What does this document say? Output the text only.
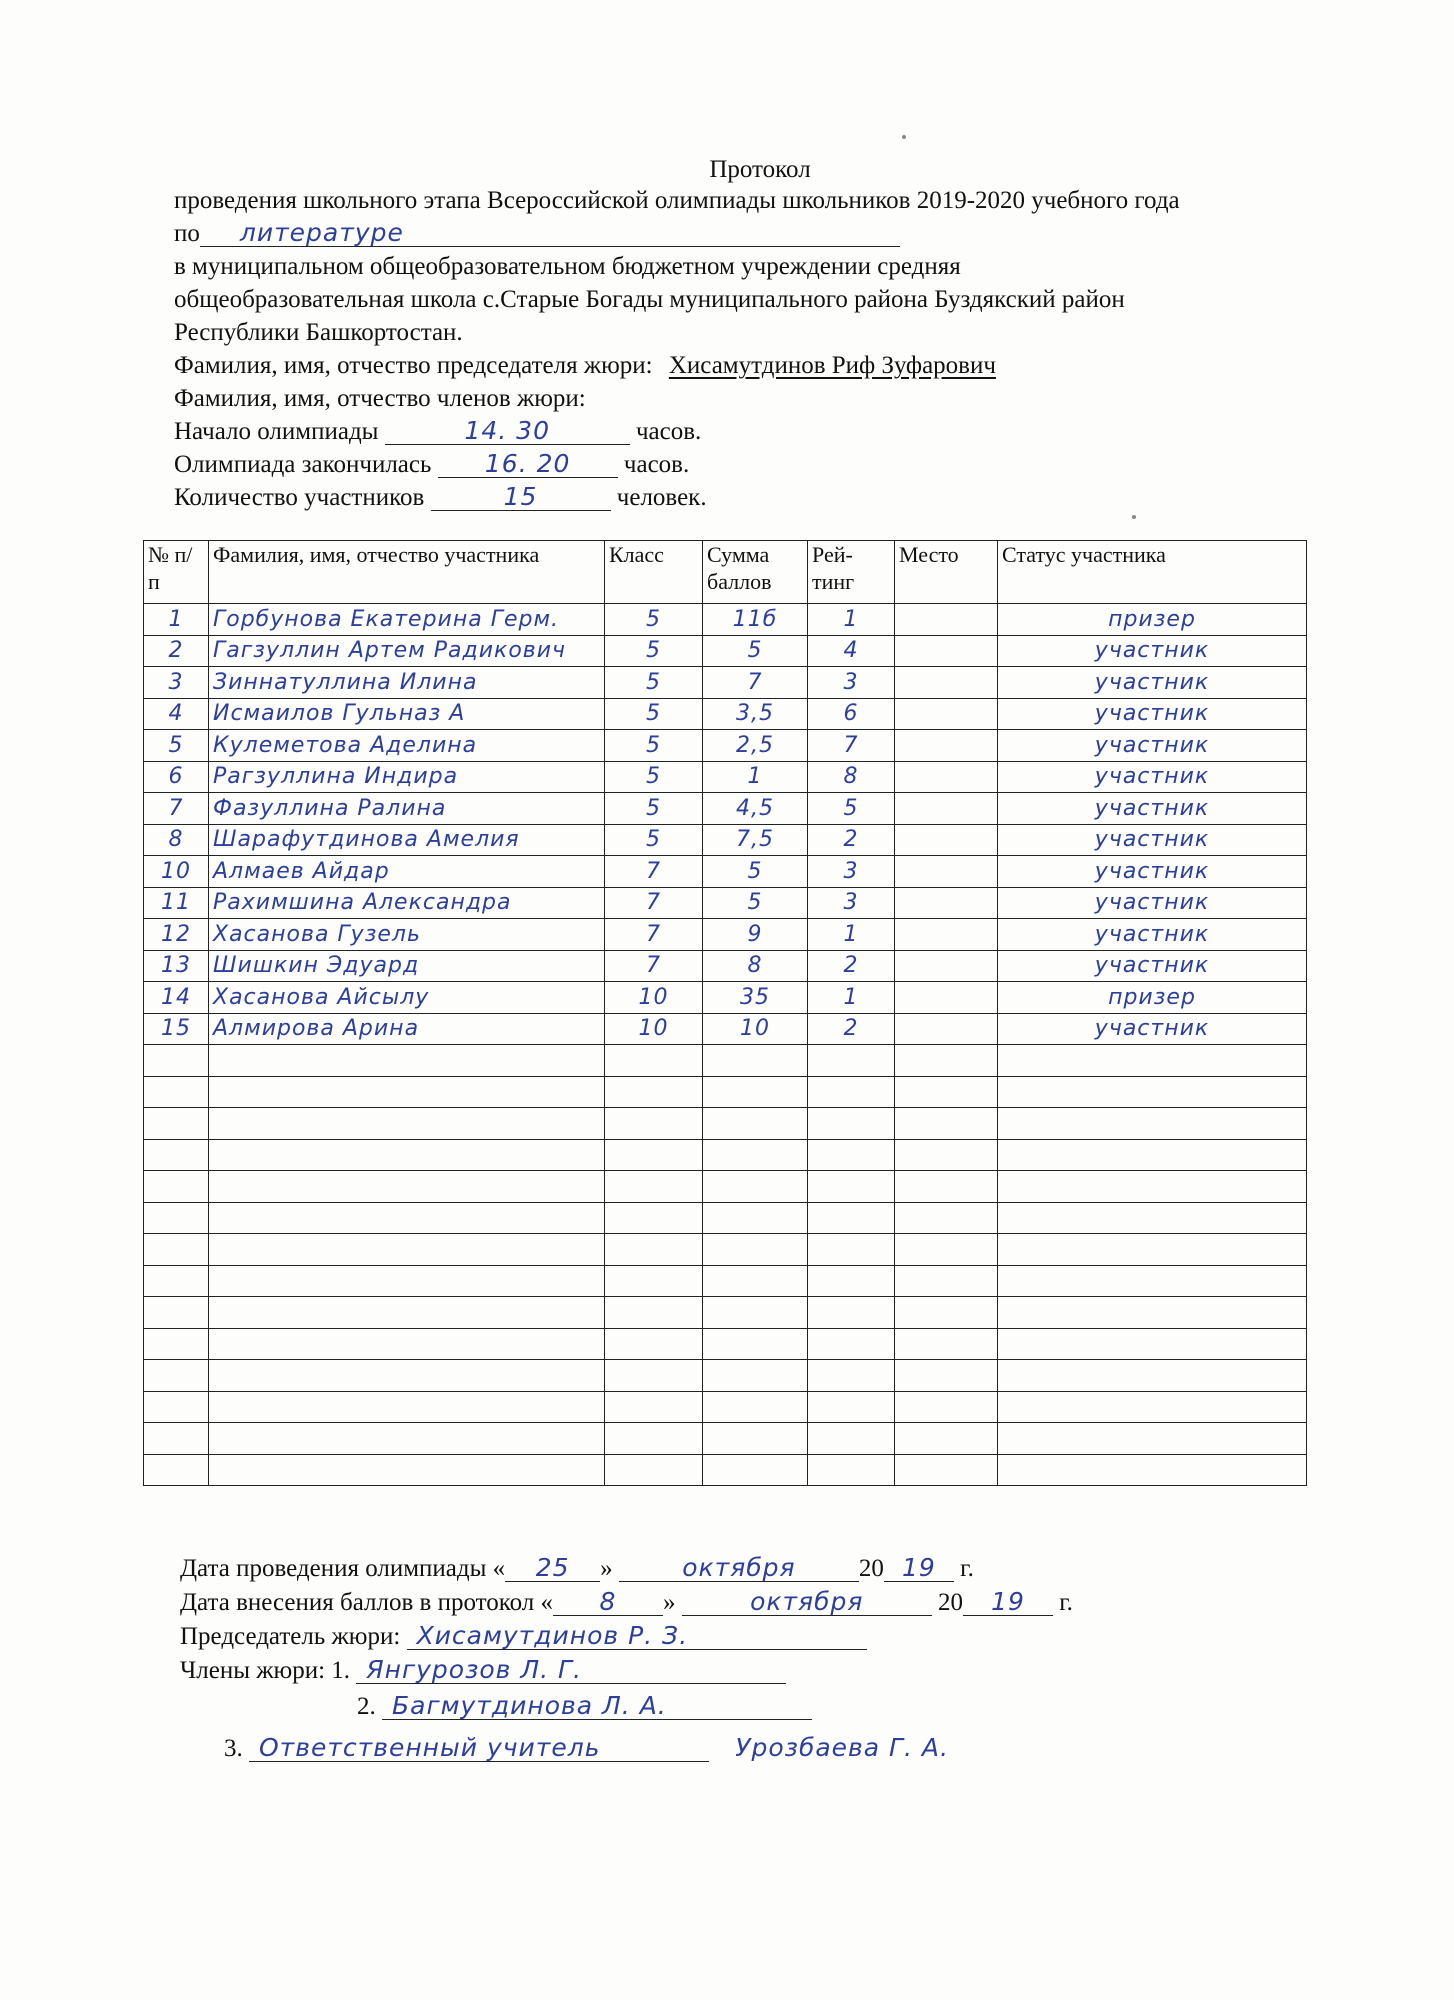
Протокол
проведения школьного этапа Всероссийской олимпиады школьников 2019-2020 учебного года
по литературе
в муниципальном общеобразовательном бюджетном учреждении средняя
общеобразовательная школа с.Старые Богады муниципального района Буздякский район
Республики Башкортостан.
Фамилия, имя, отчество председателя жюри: Хисамутдинов Риф Зуфарович
Фамилия, имя, отчество членов жюри:
Начало олимпиады	14. 30	часов.
Олимпиада закончилась 16. 20 часов.
Количество участников	15	человек.
№ п/п	Фамилия, имя, отчество участника	Класс	Сумма баллов	Рей-тинг	Место	Статус участника
1	Горбунова Екатерина Герм.	5	11б	1		призер
2	Гагзуллин Артем Радикович	5	5	4		участник
3	Зиннатуллина Илина	5	7	3		участник
4	Исмаилов Гульназ А	5	3,5	6		участник
5	Кулеметова Аделина	5	2,5	7		участник
6	Рагзуллина Индира	5	1	8		участник
7	Фазуллина Ралина	5	4,5	5		участник
8	Шарафутдинова Амелия	5	7,5	2		участник
10	Алмаев Айдар	7	5	3		участник
11	Рахимшина Александра	7	5	3		участник
12	Хасанова Гузель	7	9	1		участник
13	Шишкин Эдуард	7	8	2		участник
14	Хасанова Айсылу	10	35	1		призер
15	Алмирова Арина	10	10	2		участник

Дата проведения олимпиады « 25 »	октября	20 19 г.
Дата внесения баллов в протокол « 8 »	октября	20 19 г.
Председатель жюри: Хисамутдинов Р. З.
Члены жюри: 1. Янгурозов Л. Г.
2. Багмутдинова Л. А.
3. Ответственный учитель	Урозбаева Г. А.
